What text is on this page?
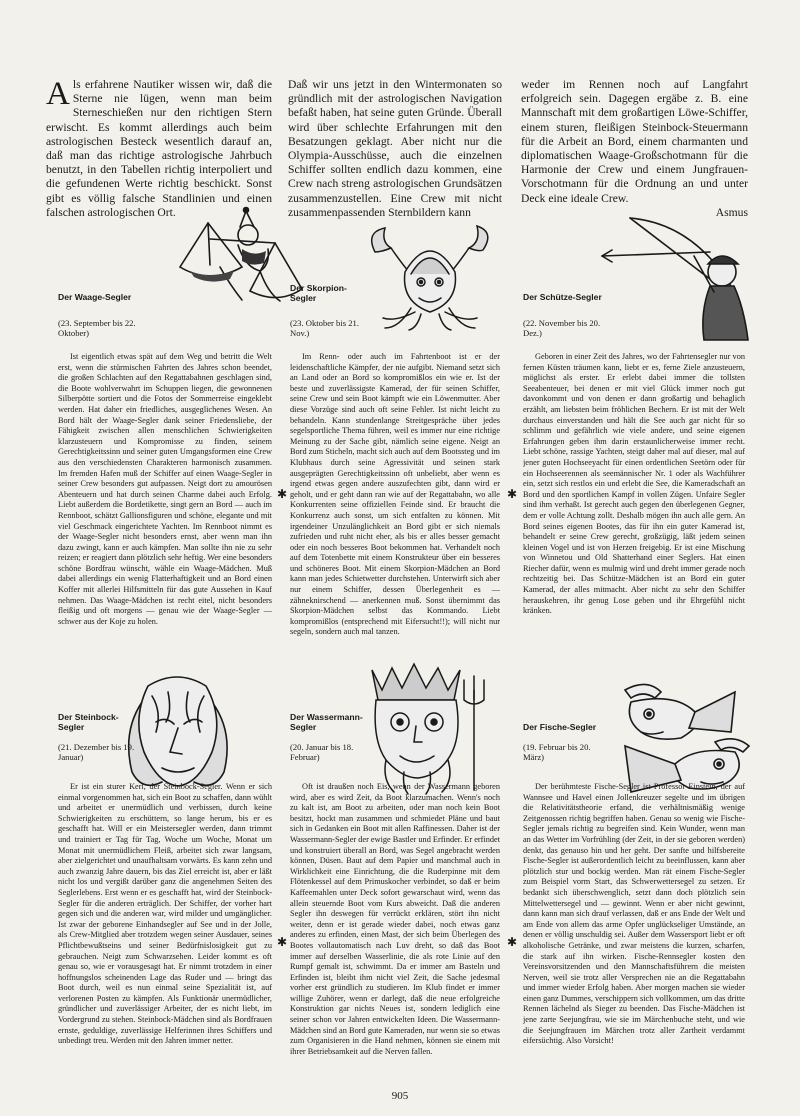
Als erfahrene Nautiker wissen wir, daß die Sterne nie lügen, wenn man beim Sterneschießen nur den richtigen Stern erwischt. Es kommt allerdings auch beim astrologischen Besteck wesentlich darauf an, daß man das richtige astrologische Jahrbuch benutzt, in den Tabellen richtig interpoliert und die gefundenen Werte richtig beschickt. Sonst gibt es völlig falsche Standlinien und einen falschen astrologischen Ort.

Daß wir uns jetzt in den Wintermonaten so gründlich mit der astrologischen Navigation befaßt haben, hat seine guten Gründe. Überall wird über schlechte Erfahrungen mit den Besatzungen geklagt. Aber nicht nur die Olympia-Ausschüsse, auch die einzelnen Schiffer sollten endlich dazu kommen, eine Crew nach streng astrologischen Grundsätzen zusammenzustellen. Eine Crew mit nicht zusammenpassenden Sternbildern kann

weder im Rennen noch auf Langfahrt erfolgreich sein. Dagegen ergäbe z. B. eine Mannschaft mit dem großartigen Löwe-Schiffer, einem sturen, fleißigen Steinbock-Steuermann für die Arbeit an Bord, einem charmanten und diplomatischen Waage-Großschotmann für die Harmonie der Crew und einem Jungfrauen-Vorschotmann für die Ordnung an und unter Deck eine ideale Crew.

Asmus

Der Waage-Segler
(23. September bis 22. Oktober)
Der Skorpion-Segler
(23. Oktober bis 21. Nov.)
Der Schütze-Segler
(22. November bis 20. Dez.)

Ist eigentlich etwas spät auf dem Weg und betritt die Welt erst, wenn die stürmischen Fahrten des Jahres schon beendet, die großen Schlachten auf den Regattabahnen geschlagen sind, die Boote wohlverwahrt im Schuppen liegen, die gewonnenen Silberpötte sortiert und die Fotos der Sommerreise eingeklebt werden. Hat daher ein friedliches, ausgeglichenes Wesen. An Bord hält der Waage-Segler dank seiner Friedensliebe, der Fähigkeit zwischen allen menschlichen Schwierigkeiten klarzusteuern und Kompromisse zu finden, seinem Gerechtigkeitssinn und seiner guten Umgangsformen eine Crew aus den verschiedensten Charakteren harmonisch zusammen. Im fremden Hafen muß der Schiffer auf einen Waage-Segler in seiner Crew besonders gut aufpassen. Neigt dort zu amourösen Abenteuern und hat durch seinen Charme dabei auch Erfolg. Liebt außerdem die Bordetikette, singt gern an Bord — auch im Rennboot, schätzt Gallionsfiguren und schöne, elegante und mit viel Geschmack eingerichtete Yachten. Im Rennboot nimmt es der Waage-Segler nicht besonders ernst, aber wenn man ihn dazu zwingt, kann er auch kämpfen. Man sollte ihn nie zu sehr reizen; er reagiert dann plötzlich sehr heftig. Wer eine besonders schöne Bordfrau wünscht, wähle ein Waage-Mädchen. Muß dabei allerdings ein wenig Flatterhaftigkeit und an Bord einen Koffer mit allerlei Hilfsmitteln für das gute Aussehen in Kauf nehmen. Das Waage-Mädchen ist recht eitel, nicht besonders fleißig und oft morgens — genau wie der Waage-Segler — schwer aus der Koje zu holen.

Im Renn- oder auch im Fahrtenboot ist er der leidenschaftliche Kämpfer, der nie aufgibt. Niemand setzt sich an Land oder an Bord so kompromißlos ein wie er. Ist der beste und zuverlässigste Kamerad, der für seinen Schiffer, seine Crew und sein Boot kämpft wie ein Löwenmutter. Aber diese Vorzüge sind auch oft seine Fehler. Ist nicht leicht zu behandeln. Kann stundenlange Streitgespräche über jedes segelsportliche Thema führen, weil es immer nur eine richtige Meinung zu der Sache gibt, nämlich seine eigene. Neigt an Bord zum Sticheln, macht sich auch auf dem Bootssteg und im Klubhaus durch seine Agressivität und seinen stark ausgeprägten Gerechtigkeitssinn oft unbeliebt, aber wenn es irgend etwas gegen andere auszufechten gibt, dann wird er geholt, und er geht dann ran wie auf der Regattabahn, wo alle Konkurrenten seine offiziellen Feinde sind. Er braucht die Konkurrenz auch sonst, um sich entfalten zu können. Mit irgendeiner Unzulänglichkeit an Bord gibt er sich niemals zufrieden und ruht nicht eher, als bis er alles besser gemacht oder ein noch besseres Boot bekommen hat. Verhandelt noch auf dem Totenbette mit einem Konstrukteur über ein besseres und schöneres Boot. Mit einem Skorpion-Mädchen an Bord kann man jedes Schietwetter durchstehen. Unterwirft sich aber nur einem Schiffer, dessen Überlegenheit es — zähneknirschend — anerkennen muß. Sonst übernimmt das Skorpion-Mädchen selbst das Kommando. Liebt kompromißlos (entsprechend mit Eifersucht!!); will nicht nur segeln, sondern auch mal tanzen.

Geboren in einer Zeit des Jahres, wo der Fahrtensegler nur von fernen Küsten träumen kann, liebt er es, ferne Ziele anzusteuern, möglichst als erster. Er erlebt dabei immer die tollsten Seeabenteuer, bei denen er mit viel Glück immer noch gut davonkommt und von denen er dann großartig und behaglich erzählt, am liebsten beim fröhlichen Bechern. Er ist mit der Welt durchaus einverstanden und hält die See auch gar nicht für so schlimm und gefährlich wie viele andere, und seine eigenen Erfahrungen geben ihm darin erstaunlicherweise immer recht. Liebt schöne, rassige Yachten, steigt daher mal auf dieser, mal auf jener guten Hochseeyacht für einen ordentlichen Seetörn oder für ein Hochseerennen als seemännischer Nr. 1 oder als Wachführer ein, setzt sich restlos ein und erlebt die See, die Kameradschaft an Bord und den sportlichen Kampf in vollen Zügen. Unfaire Segler sind ihm verhaßt. Ist gerecht auch gegen den überlegenen Gegner, dem er volle Achtung zollt. Deshalb mögen ihn auch alle gern. An Bord seines eigenen Bootes, das für ihn ein guter Kamerad ist, behandelt er seine Crew gerecht, großzügig, läßt jedem seinen kleinen Vogel und ist von Herzen freigebig. Er ist eine Mischung von Winnetou und Old Shatterhand einer Seglers. Hat einen Riecher dafür, wenn es mulmig wird und dreht immer gerade noch rechtzeitig bei. Das Schütze-Mädchen ist an Bord ein guter Kamerad, der alles mitmacht. Aber nicht zu sehr den Schiffer herauskehren, ihr genug Lose geben und ihr Ehrgefühl nicht kränken.

✱	✱
Der Steinbock-Segler
(21. Dezember bis 19. Januar)
Der Wassermann-Segler
(20. Januar bis 18. Februar)
Der Fische-Segler
(19. Februar bis 20. März)

Er ist ein sturer Kerl, der Steinbock-Segler. Wenn er sich einmal vorgenommen hat, sich ein Boot zu schaffen, dann wühlt und arbeitet er unermüdlich und verbissen, durch keine Schwierigkeiten zu erschüttern, so lange herum, bis er es geschafft hat. Will er ein Meistersegler werden, dann trimmt und trainiert er Tag für Tag, Woche um Woche, Monat um Monat mit unermüdlichem Fleiß, arbeitet sich zwar langsam, aber zielgerichtet und unaufhaltsam vorwärts. Es kann zehn und auch zwanzig Jahre dauern, bis das Ziel erreicht ist, aber er läßt nicht los und vergißt darüber ganz die angenehmen Seiten des Seglerlebens. Erst wenn er es geschafft hat, wird der Steinbock-Segler für die anderen erträglich. Der Schiffer, der vorher hart gegen sich und die anderen war, wird milder und umgänglicher. Ist zwar der geborene Einhandsegler auf See und in der Jolle, als Crew-Mitglied aber trotzdem wegen seiner Ausdauer, seines Pflichtbewußtseins und seiner Bedürfnislosigkeit gut zu gebrauchen. Neigt zum Schwarzsehen. Leider kommt es oft genau so, wie er vorausgesagt hat. Er nimmt trotzdem in einer hoffnungslos scheinenden Lage das Ruder und — bringt das Boot durch, weil es nun einmal seine Spezialität ist, auf verlorenen Posten zu kämpfen. Als Funktionär unermüdlicher, gründlicher und zuverlässiger Arbeiter, der es nicht liebt, im Vordergrund zu stehen. Steinbock-Mädchen sind als Bordfrauen ernste, geduldige, zuverlässige Helferinnen ihres Schiffers und unbedingt treu. Werden mit den Jahren immer netter.

Oft ist draußen noch Eis, wenn der Wassermann geboren wird, aber es wird Zeit, da Boot klarzumachen. Wenn's noch zu kalt ist, am Boot zu arbeiten, oder man noch kein Boot besitzt, hockt man zusammen und schmiedet Pläne und baut sich in Gedanken ein Boot mit allen Raffinessen. Daher ist der Wassermann-Segler der ewige Bastler und Erfinder. Er erfindet und konstruiert überall an Bord, was Segel angebracht werden können, Düsen. Baut auf dem Papier und manchmal auch in Wirklichkeit eine Einrichtung, die die Ruderpinne mit dem Flötenkessel auf dem Primuskocher verbindet, so daß er beim Kaffeemahlen unter Deck sofort gewarschaut wird, wenn das allein steuernde Boot vom Kurs abweicht. Daß die anderen Segler ihn deswegen für verrückt erklären, stört ihn nicht weiter, denn er ist gerade wieder dabei, noch etwas ganz anderes zu erfinden, einen Mast, der sich beim Überlegen des Bootes vollautomatisch nach Luv dreht, so daß das Boot immer auf derselben Wasserlinie, die als rote Linie auf den Rumpf gemalt ist, schwimmt. Da er immer am Basteln und Erfinden ist, bleibt ihm nicht viel Zeit, die Sache jedesmal vorher erst gründlich zu studieren. Im Klub findet er immer willige Zuhörer, wenn er darlegt, daß die neue erfolgreiche Konstruktion gar nichts Neues ist, sondern lediglich eine seiner schon vor Jahren entwickelten Ideen. Die Wassermann-Mädchen sind an Bord gute Kameraden, nur wenn sie so etwas zum Organisieren in die Hand nehmen, können sie einem mit ihrer Betriebsamkeit auf die Nerven fallen.

Der berühmteste Fische-Segler ist Professor Einstein, der auf Wannsee und Havel einen Jollenkreuzer segelte und im übrigen die Relativitätstheorie erfand, die verhältnismäßig wenige Zeitgenossen richtig begriffen haben. Genau so wenig wie Fische-Segler jemals richtig zu begreifen sind. Kein Wunder, wenn man an das Wetter im Vorfrühling (der Zeit, in der sie geboren werden) denkt, das genauso hin und her geht. Der sanfte und hilfsbereite Fische-Segler ist außerordentlich leicht zu beeinflussen, kann aber plötzlich stur und bockig werden. Man rät einem Fische-Segler zum Beispiel vorm Start, das Schwerwettersegel zu setzen. Er bedankt sich überschwenglich, setzt dann doch plötzlich sein Mittelwettersegel und — gewinnt. Wenn er aber nicht gewinnt, dann kann man sich drauf verlassen, daß er ans Ende der Welt und am Ende von allem das arme Opfer unglückseliger Umstände, an denen er völlig unschuldig sei. Außer dem Wassersport liebt er oft alkoholische Getränke, und zwar meistens die kurzen, scharfen, die stark auf ihn wirken. Fische-Rennsegler kosten den Vereinsvorsitzenden und den Mannschaftsführern die meisten Nerven, weil sie trotz aller Versprechen nie an die Regattabahn und immer wieder Erfolg haben. Aber morgen machen sie wieder einen ganz Dummes, verschippern sich vollkommen, um das dritte Rennen lächelnd als Sieger zu beenden. Das Fische-Mädchen ist jene zarte Seejungfrau, wie sie im Märchenbuche steht, und wie die Seejungfrauen im Märchen trotz aller Zartheit verdammt eifersüchtig. Also Vorsicht!

✱	✱
905
